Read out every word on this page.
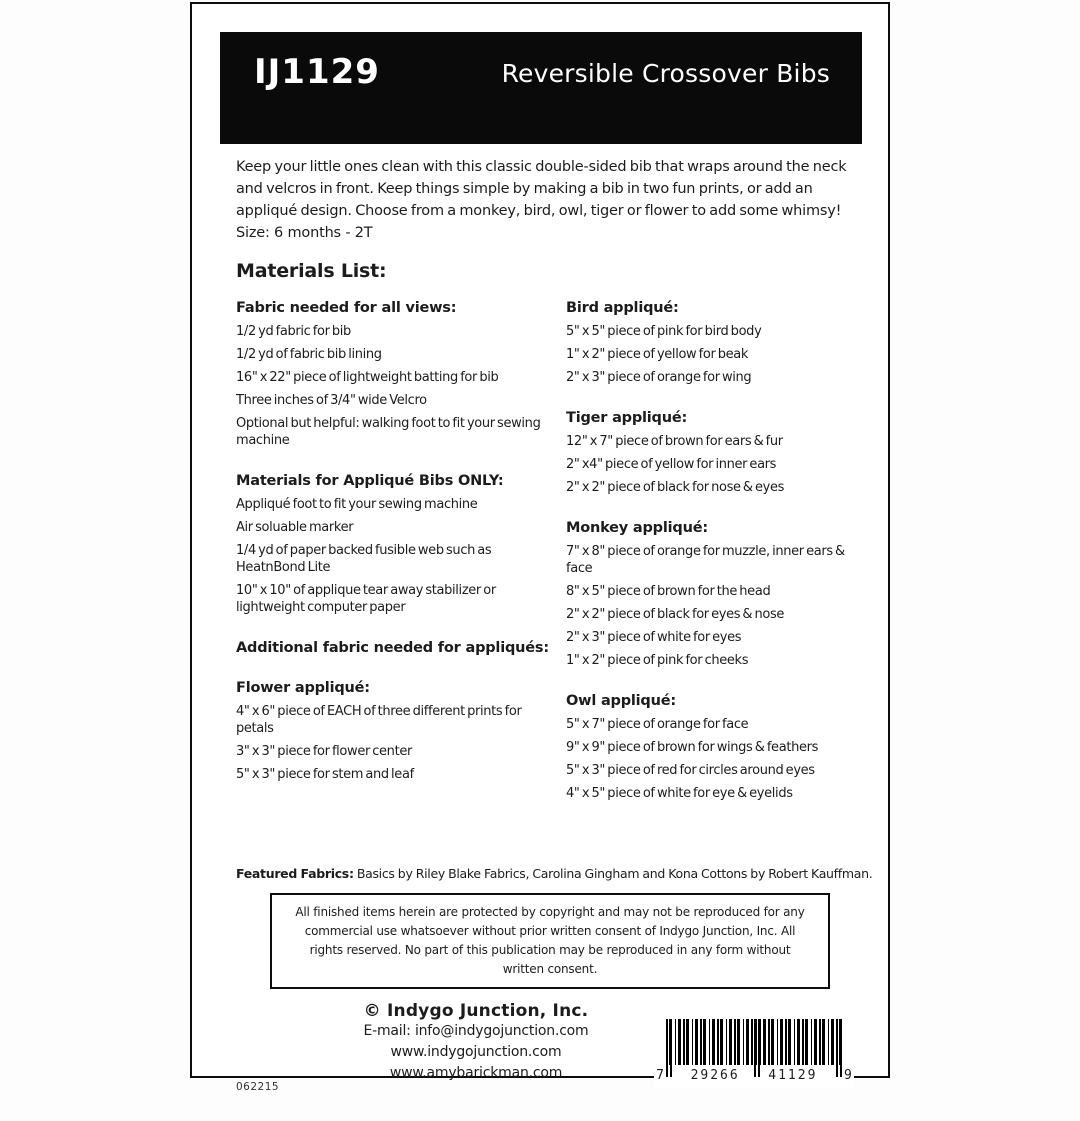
IJ1129	Reversible Crossover Bibs
Keep your little ones clean with this classic double-sided bib that wraps around the neck and velcros in front. Keep things simple by making a bib in two fun prints, or add an appliqué design. Choose from a monkey, bird, owl, tiger or flower to add some whimsy!
Size: 6 months - 2T
Materials List:
Fabric needed for all views:
1/2 yd fabric for bib
1/2 yd of fabric bib lining
16" x 22" piece of lightweight batting for bib
Three inches of 3/4" wide Velcro
Optional but helpful: walking foot to fit your sewing machine
Materials for Appliqué Bibs ONLY:
Appliqué foot to fit your sewing machine
Air soluable marker
1/4 yd of paper backed fusible web such as HeatnBond Lite
10" x 10" of applique tear away stabilizer or lightweight computer paper
Additional fabric needed for appliqués:
Flower appliqué:
4" x 6" piece of EACH of three different prints for petals
3" x 3" piece for flower center
5" x 3" piece for stem and leaf
Bird appliqué:
5" x 5" piece of pink for bird body
1" x 2" piece of yellow for beak
2" x 3" piece of orange for wing
Tiger appliqué:
12" x 7" piece of brown for ears & fur
2" x4" piece of yellow for inner ears
2" x 2" piece of black for nose & eyes
Monkey appliqué:
7" x 8" piece of orange for muzzle, inner ears & face
8" x 5" piece of brown for the head
2" x 2" piece of black for eyes & nose
2" x 3" piece of white for eyes
1" x 2" piece of pink for cheeks
Owl appliqué:
5" x 7" piece of orange for face
9" x 9" piece of brown for wings & feathers
5" x 3" piece of red for circles around eyes
4" x 5" piece of white for eye & eyelids
Featured Fabrics: Basics by Riley Blake Fabrics, Carolina Gingham and Kona Cottons by Robert Kauffman.
All finished items herein are protected by copyright and may not be reproduced for any commercial use whatsoever without prior written consent of Indygo Junction, Inc. All rights reserved. No part of this publication may be reproduced in any form without written consent.
062215
© Indygo Junction, Inc.
E-mail: info@indygojunction.com
www.indygojunction.com
www.amybarickman.com	7	29266	41129	9
